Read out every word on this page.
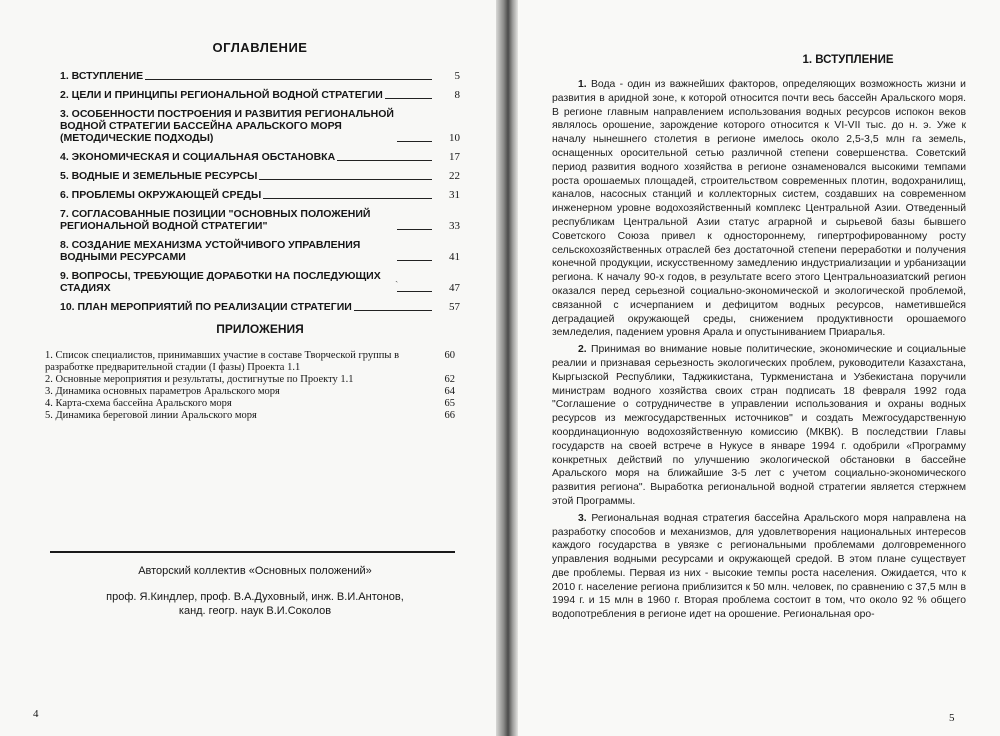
ОГЛАВЛЕНИЕ
1. ВСТУПЛЕНИЕ	5
2. ЦЕЛИ И ПРИНЦИПЫ РЕГИОНАЛЬНОЙ ВОДНОЙ СТРАТЕГИИ	8
3. ОСОБЕННОСТИ ПОСТРОЕНИЯ И РАЗВИТИЯ РЕГИОНАЛЬНОЙ ВОДНОЙ СТРАТЕГИИ БАССЕЙНА АРАЛЬСКОГО МОРЯ (МЕТОДИЧЕСКИЕ ПОДХОДЫ)	10
4. ЭКОНОМИЧЕСКАЯ И СОЦИАЛЬНАЯ ОБСТАНОВКА	17
5. ВОДНЫЕ И ЗЕМЕЛЬНЫЕ РЕСУРСЫ	22
6. ПРОБЛЕМЫ ОКРУЖАЮЩЕЙ СРЕДЫ	31
7. СОГЛАСОВАННЫЕ ПОЗИЦИИ "ОСНОВНЫХ ПОЛОЖЕНИЙ РЕГИОНАЛЬНОЙ ВОДНОЙ СТРАТЕГИИ"	33
8. СОЗДАНИЕ МЕХАНИЗМА УСТОЙЧИВОГО УПРАВЛЕНИЯ ВОДНЫМИ РЕСУРСАМИ	41
9. ВОПРОСЫ, ТРЕБУЮЩИЕ ДОРАБОТКИ НА ПОСЛЕДУЮЩИХ СТАДИЯХ	47
10. ПЛАН МЕРОПРИЯТИЙ ПО РЕАЛИЗАЦИИ СТРАТЕГИИ	57
ˎ
ПРИЛОЖЕНИЯ
1. Список специалистов, принимавших участие в составе Творческой группы в разработке предварительной стадии (I фазы) Проекта 1.1
60
2. Основные мероприятия и результаты, достигнутые по Проекту 1.1	62
3. Динамика основных параметров Аральского моря	64
4. Карта-схема бассейна Аральского моря	65
5. Динамика береговой линии Аральского моря	66
Авторский коллектив «Основных положений»
проф. Я.Киндлер, проф. В.А.Духовный, инж. В.И.Антонов,
канд. геогр. наук В.И.Соколов
4
1. ВСТУПЛЕНИЕ

1. Вода - один из важнейших факторов, определяющих возможность жизни и развития в аридной зоне, к которой относится почти весь бассейн Аральского моря. В регионе главным направлением использования водных ресурсов испокон веков являлось орошение, зарождение которого относится к VI-VII тыс. до н. э. Уже к началу нынешнего столетия в регионе имелось около 2,5-3,5 млн га земель, оснащенных оросительной сетью различной степени совершенства. Советский период развития водного хозяйства в регионе ознаменовался высокими темпами роста орошаемых площадей, строительством современных плотин, водохранилищ, каналов, насосных станций и коллекторных систем, создавших на современном инженерном уровне водохозяйственный комплекс Центральной Азии. Отведенный республикам Центральной Азии статус аграрной и сырьевой базы бывшего Советского Союза привел к одностороннему, гипертрофированному росту сельскохозяйственных отраслей без достаточной степени переработки и получения конечной продукции, искусственному замедлению индустриализации и урбанизации региона. К началу 90-х годов, в результате всего этого Центральноазиатский регион оказался перед серьезной социально-экономической и экологической проблемой, связанной с исчерпанием и дефицитом водных ресурсов, наметившейся деградацией окружающей среды, снижением продуктивности орошаемого земледелия, падением уровня Арала и опустыниванием Приаралья.

2. Принимая во внимание новые политические, экономические и социальные реалии и признавая серьезность экологических проблем, руководители Казахстана, Кыргызской Республики, Таджикистана, Туркменистана и Узбекистана поручили министрам водного хозяйства своих стран подписать 18 февраля 1992 года "Соглашение о сотрудничестве в управлении использования и охраны водных ресурсов из межгосударственных источников" и создать Межгосударственную координационную водохозяйственную комиссию (МКВК). В последствии Главы государств на своей встрече в Нукусе в январе 1994 г. одобрили «Программу конкретных действий по улучшению экологической обстановки в бассейне Аральского моря на ближайшие 3-5 лет с учетом социально-экономического развития региона". Выработка региональной водной стратегии является стержнем этой Программы.

3. Региональная водная стратегия бассейна Аральского моря направлена на разработку способов и механизмов, для удовлетворения национальных интересов каждого государства в увязке с региональными проблемами долговременного управления водными ресурсами и окружающей средой. В этом плане существует две проблемы. Первая из них - высокие темпы роста населения. Ожидается, что к 2010 г. население региона приблизится к 50 млн. человек, по сравнению с 37,5 млн в 1994 г. и 15 млн в 1960 г. Вторая проблема состоит в том, что около 92 % общего водопотребления в регионе идет на орошение. Региональная оро-

5
